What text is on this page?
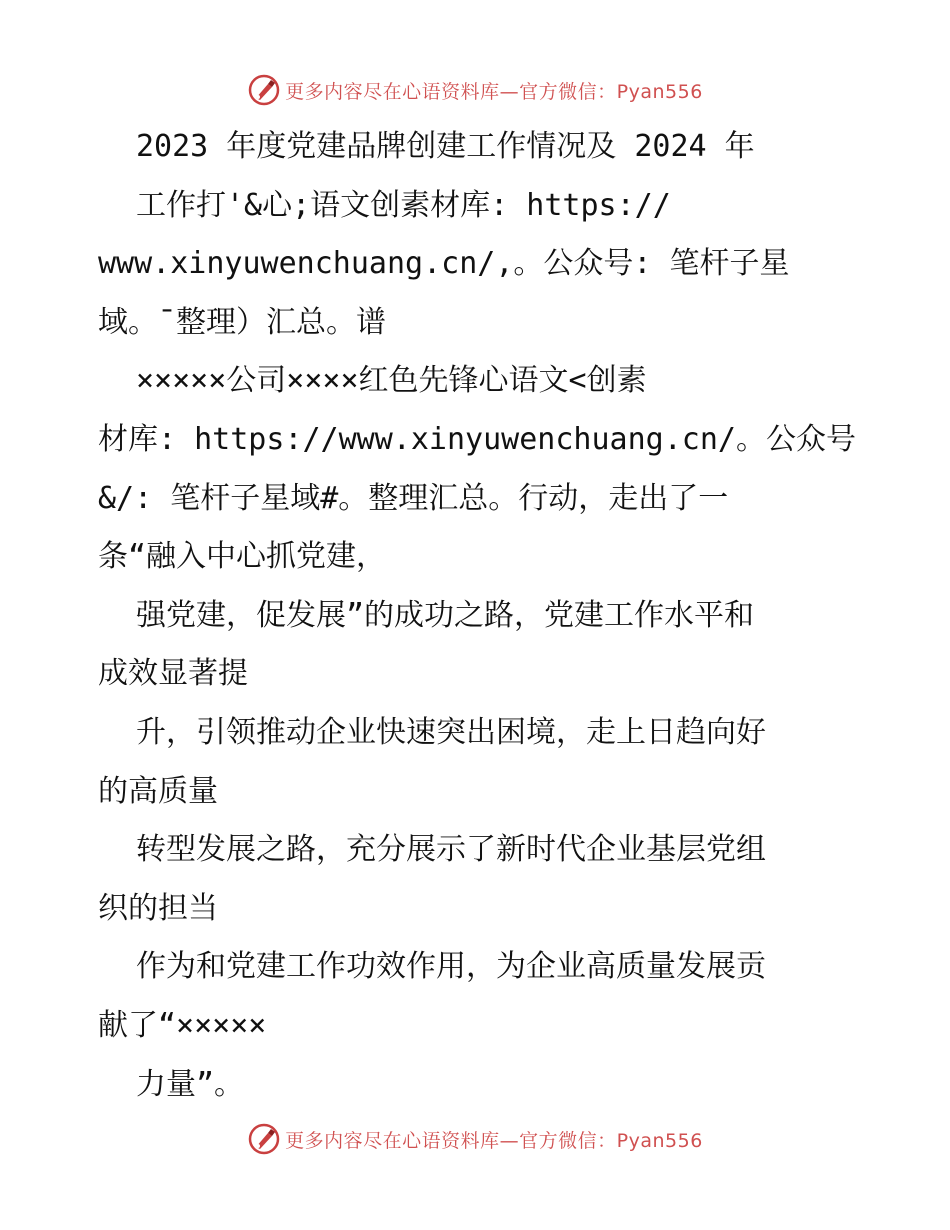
更多内容尽在心语资料库—官方微信：Pyan556
2023 年度党建品牌创建工作情况及 2024 年
工作打'&心;语文创素材库: https://
www.xinyuwenchuang.cn/,。公众号: 笔杆子星
域。¯整理）汇总。谱
×××××公司××××红色先锋心语文<创素
材库: https://www.xinyuwenchuang.cn/。公众号
&/: 笔杆子星域#。整理汇总。行动，走出了一
条“融入中心抓党建，
强党建，促发展”的成功之路，党建工作水平和
成效显著提
升，引领推动企业快速突出困境，走上日趋向好
的高质量
转型发展之路，充分展示了新时代企业基层党组
织的担当
作为和党建工作功效作用，为企业高质量发展贡
献了“×××××
力量”。
更多内容尽在心语资料库—官方微信：Pyan556
